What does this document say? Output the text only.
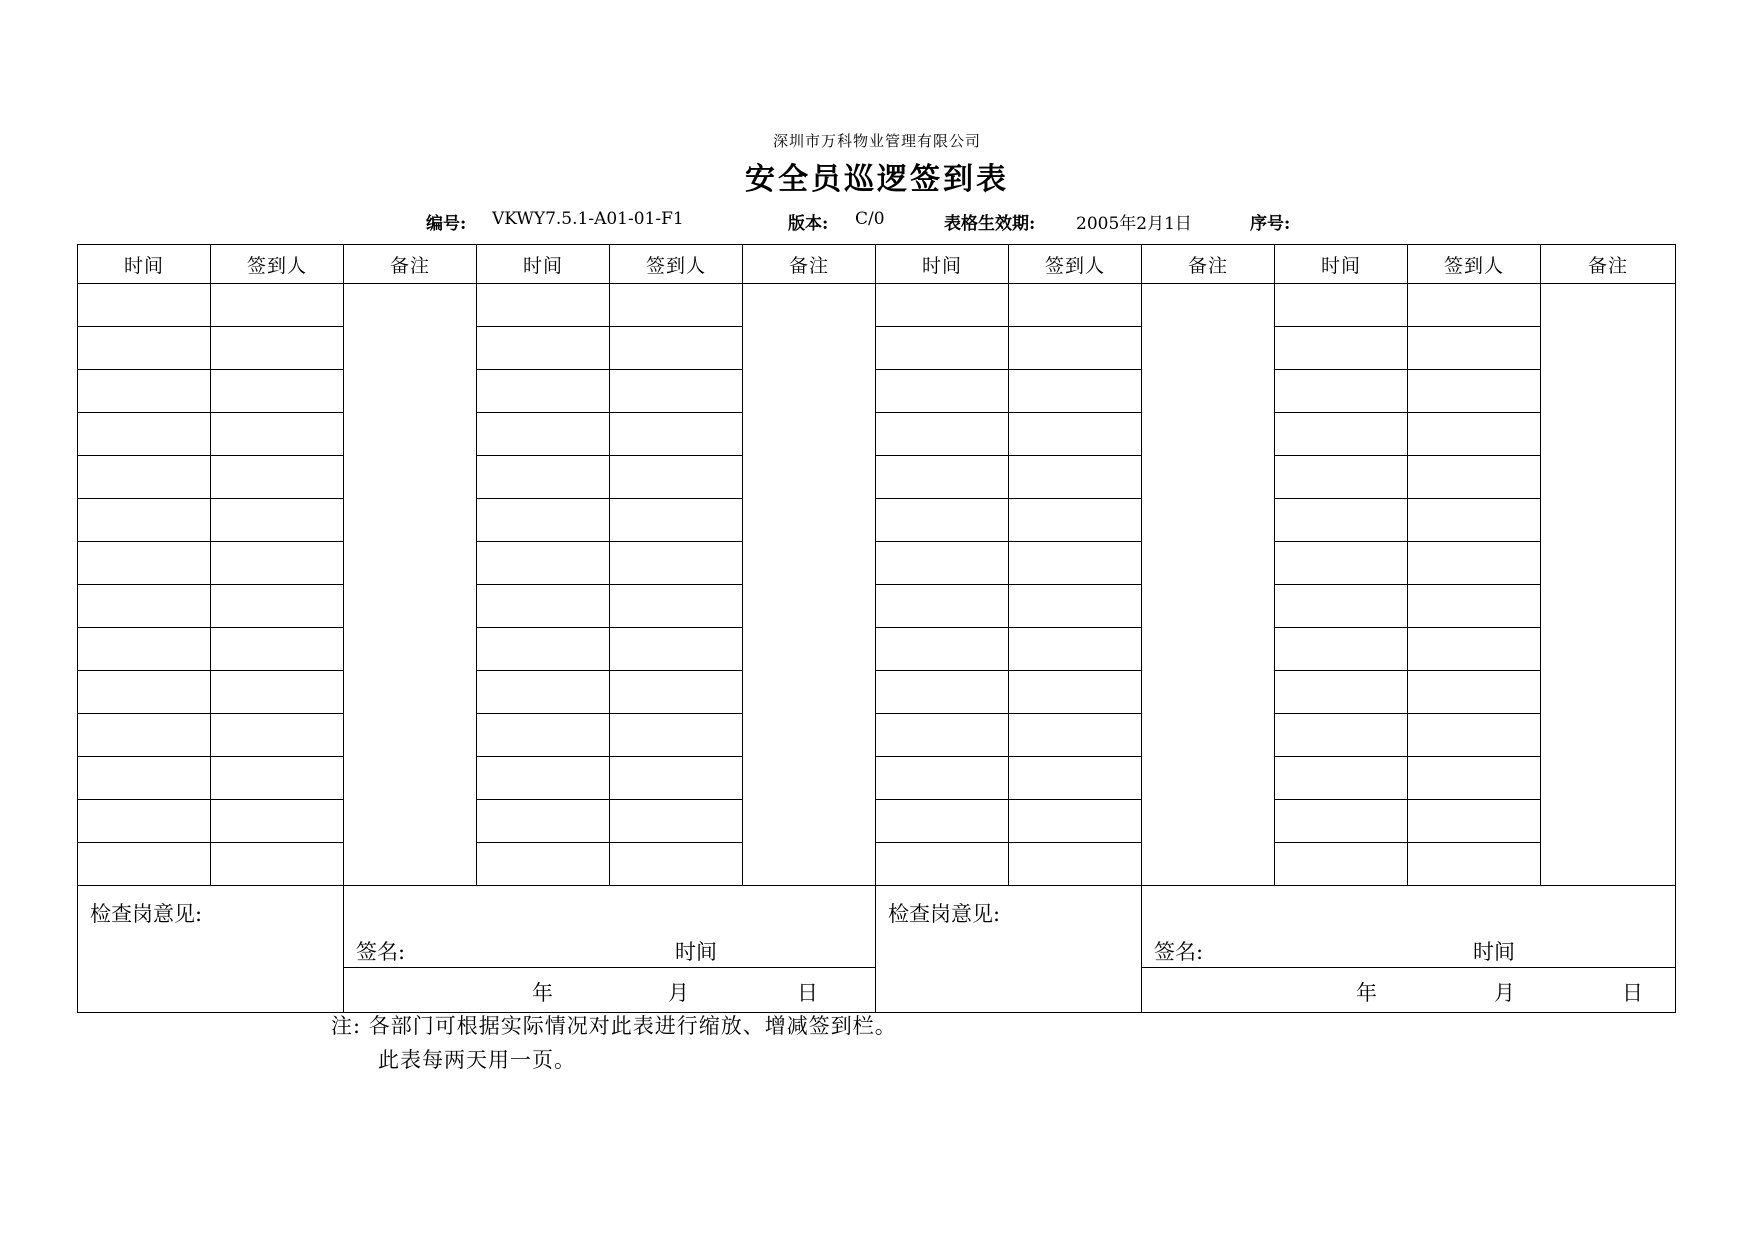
深圳市万科物业管理有限公司
安全员巡逻签到表
编号: VKWY7.5.1-A01-01-F1	版本: C/0	表格生效期: 2005年2月1日	序号:
时间	签到人	备注	时间	签到人	备注	时间	签到人	备注	时间	签到人	备注

检查岗意见:		签名: 时间				检查岗意见:		签名: 时间			

		年 月 日						年 月 日			
注: 各部门可根据实际情况对此表进行缩放、增减签到栏。
此表每两天用一页。
